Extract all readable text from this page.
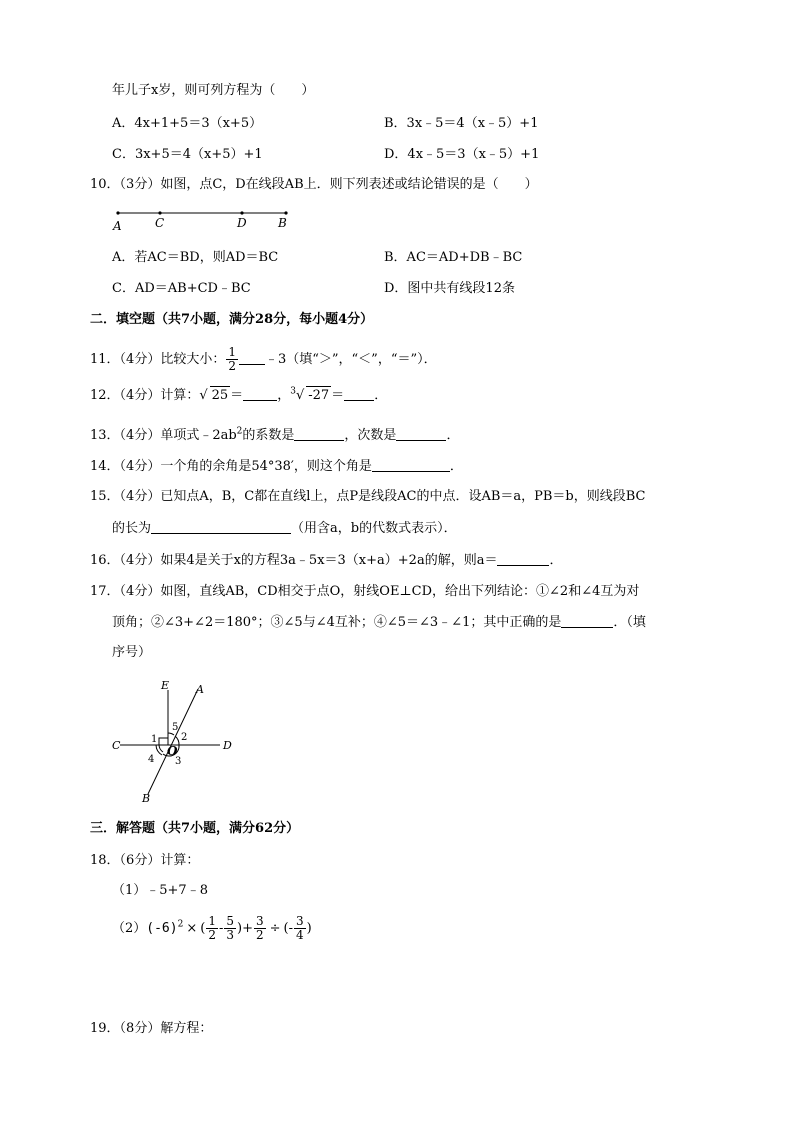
年儿子x岁，则可列方程为（　　）
A．4x+1+5＝3（x+5）	B．3x﹣5＝4（x﹣5）+1
C．3x+5＝4（x+5）+1	D．4x﹣5＝3（x﹣5）+1
10．（3分）如图，点C，D在线段AB上．则下列表述或结论错误的是（　　）
A	C	D	B
A．若AC＝BD，则AD＝BC	B．AC＝AD+DB﹣BC
C．AD＝AB+CD﹣BC	D．图中共有线段12条
二．填空题（共7小题，满分28分，每小题4分）
11．（4分）比较大小： $\frac{1}{2}$ ﹣3（填“＞”，“＜”，“＝”）．
12．（4分）计算：√ 25 ＝	，$^3$√ -27 ＝ ．
13．（4分）单项式$﹣2ab^2$的系数是	，次数是	．
14．（4分）一个角的余角是54°38′，则这个角是	．
15．（4分）已知点A，B，C都在直线l上，点P是线段AC的中点．设AB＝a，PB＝b，则线段BC
的长为	（用含a，b的代数式表示）．
16．（4分）如果4是关于x的方程3a﹣5x＝3（x+a）+2a的解，则a＝	．
17．（4分）如图，直线AB，CD相交于点O，射线OE⊥CD，给出下列结论：①∠2和∠4互为对
顶角；②∠3+∠2＝180°；③∠5与∠4互补；④∠5＝∠3﹣∠1；其中正确的是	．（填
序号）
E A
C	D
B
O
1 2
3
4
5
三．解答题（共7小题，满分62分）
18．（6分）计算：
（1）﹣5+7﹣8
$(2)(-6)^2$ × ( $\frac{1}{2} - \frac{5}{3}$ )+ $\frac{3}{2}$ ÷ (- $\frac{3}{4}$ )
19．（8分）解方程：
